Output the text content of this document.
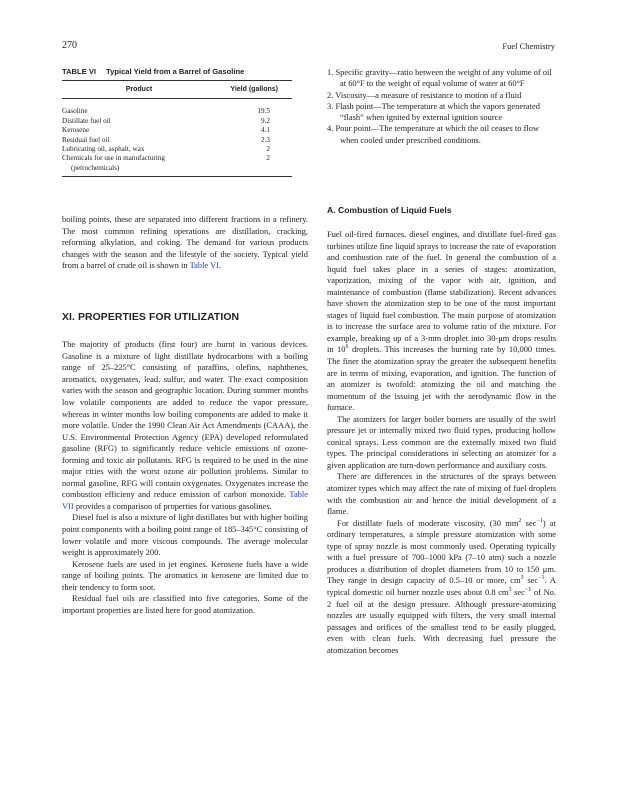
270	Fuel Chemistry
TABLE VI Typical Yield from a Barrel of Gasoline
Product	Yield (gallons)
Gasoline	19.5
Distillate fuel oil	9.2
Kerosene	4.1
Residual fuel oil	2.3
Lubricating oil, asphalt, wax	2
Chemicals for use in manufacturing
(petrochemicals)	2
1. Specific gravity—ratio between the weight of any volume of oil at 60°F to the weight of equal volume of water at 60°F
2. Viscosity—a measure of resistance to motion of a fluid
3. Flash point—The temperature at which the vapors generated “flash” when ignited by external ignition source
4. Pour point—The temperature at which the oil ceases to flow when cooled under prescribed conditions.

boiling points, these are separated into different fractions in a refinery. The most common refining operations are distillation, cracking, reforming alkylation, and coking. The demand for various products changes with the season and the lifestyle of the society. Typical yield from a barrel of crude oil is shown in Table VI.

XI. PROPERTIES FOR UTILIZATION

The majority of products (first four) are burnt in various devices. Gasoline is a mixture of light distillate hydrocarbons with a boiling range of 25–225°C consisting of paraffins, olefins, naphthenes, aromatics, oxygenates, lead, sulfur, and water. The exact composition varies with the season and geographic location. During summer months low volatile components are added to reduce the vapor pressure, whereas in winter months low boiling components are added to make it more volatile. Under the 1990 Clean Air Act Amendments (CAAA), the U.S. Environmental Protection Agency (EPA) developed reformulated gasoline (RFG) to significantly reduce vehicle emissions of ozone-forming and toxic air pollutants. RFG is required to be used in the nine major cities with the worst ozone air pollution problems. Similar to normal gasoline, RFG will contain oxygenates. Oxygenates increase the combustion efficieny and reduce emission of carbon monoxide. Table VII provides a comparison of properties for various gasolines.

Diesel fuel is also a mixture of light distillates but with higher boiling point components with a boiling point range of 185–345°C consisting of lower volatile and more viscous compounds. The average molecular weight is approximately 200.

Kerosene fuels are used in jet engines. Kerosene fuels have a wide range of boiling points. The aromatics in kerosene are limited due to their tendency to form soot.

Residual fuel oils are classified into five categories. Some of the important properties are listed here for good atomization.

A. Combustion of Liquid Fuels

Fuel oil-fired furnaces, diesel engines, and distillate fuel-fired gas turbines utilize fine liquid sprays to increase the rate of evaporation and combustion rate of the fuel. In general the combustion of a liquid fuel takes place in a series of stages: atomization, vaporization, mixing of the vapor with air, ignition, and maintenance of combustion (flame stabilization). Recent advances have shown the atomization step to be one of the most important stages of liquid fuel combustion. The main purpose of atomization is to increase the surface area to volume ratio of the mixture. For example, breaking up of a 3-mm droplet into 30-μm drops results in $10^6$ droplets. This increases the burning rate by 10,000 times. The finer the atomization spray the greater the subsequent benefits are in terms of mixing, evaporation, and ignition. The function of an atomizer is twofold: atomizing the oil and matching the momentum of the issuing jet with the aerodynamic flow in the furnace.

The atomizers for larger boiler burners are usually of the swirl pressure jet or internally mixed two fluid types, producing hollow conical sprays. Less common are the externally mixed two fluid types. The principal considerations in selecting an atomizer for a given application are turn-down performance and auxiliary costs.

There are differences in the structures of the sprays between atomizer types which may affect the rate of mixing of fuel droplets with the combustion air and hence the initial development of a flame.

For distillate fuels of moderate viscosity, (30 $mm^2$ $\sec^{-1}$) at ordinary temperatures, a simple pressure atomization with some type of spray nozzle is most commonly used. Operating typically with a fuel pressure of 700–1000 kPa (7–10 atm) such a nozzle produces a distribution of droplet diameters from 10 to 150 μm. They range in design capacity of 0.5–10 or more, $cm^3$ $\sec^{-1}$. A typical domestic oil burner nozzle uses about 0.8 $cm^3$ $\sec^{-1}$ of No. 2 fuel oil at the design pressure. Although pressure-atomizing nozzles are usually equipped with filters, the very small internal passages and orifices of the smallest tend to be easily plugged, even with clean fuels. With decreasing fuel pressure the atomization becomes
